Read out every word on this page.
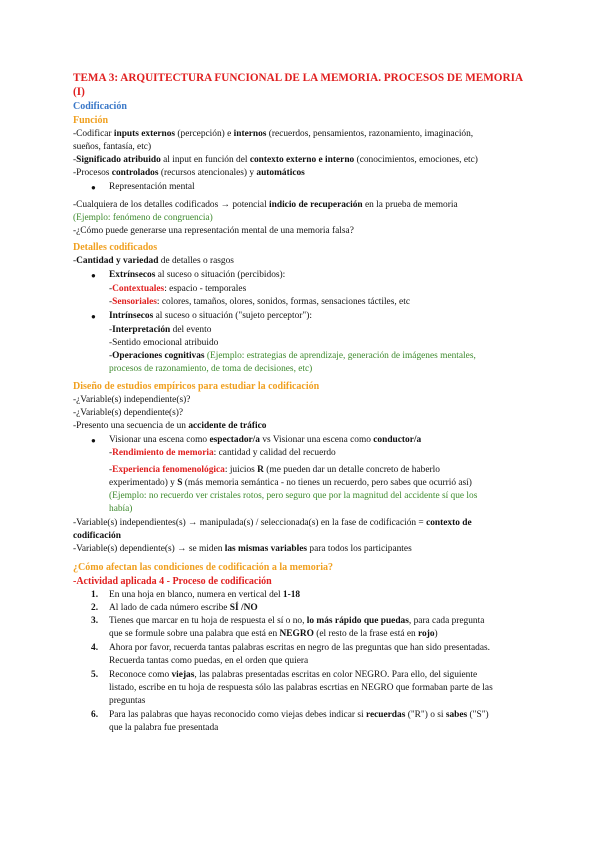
TEMA 3: ARQUITECTURA FUNCIONAL DE LA MEMORIA. PROCESOS DE MEMORIA
(I)
Codificación
Función
-Codificar inputs externos (percepción) e internos (recuerdos, pensamientos, razonamiento, imaginación,
sueños, fantasía, etc)
-Significado atribuido al input en función del contexto externo e interno (conocimientos, emociones, etc)
-Procesos controlados (recursos atencionales) y automáticos
● Representación mental
-Cualquiera de los detalles codificados → potencial indicio de recuperación en la prueba de memoria
(Ejemplo: fenómeno de congruencia)
-¿Cómo puede generarse una representación mental de una memoria falsa?
Detalles codificados
-Cantidad y variedad de detalles o rasgos
● Extrínsecos al suceso o situación (percibidos):
-Contextuales: espacio - temporales
-Sensoriales: colores, tamaños, olores, sonidos, formas, sensaciones táctiles, etc
● Intrínsecos al suceso o situación ("sujeto perceptor"):
-Interpretación del evento
-Sentido emocional atribuido
-Operaciones cognitivas (Ejemplo: estrategias de aprendizaje, generación de imágenes mentales,
procesos de razonamiento, de toma de decisiones, etc)
Diseño de estudios empíricos para estudiar la codificación
-¿Variable(s) independiente(s)?
-¿Variable(s) dependiente(s)?
-Presento una secuencia de un accidente de tráfico
● Visionar una escena como espectador/a vs Visionar una escena como conductor/a
-Rendimiento de memoria: cantidad y calidad del recuerdo
-Experiencia fenomenológica: juicios R (me pueden dar un detalle concreto de haberlo
experimentado) y S (más memoria semántica - no tienes un recuerdo, pero sabes que ocurrió así)
(Ejemplo: no recuerdo ver cristales rotos, pero seguro que por la magnitud del accidente sí que los
había)
-Variable(s) independientes(s) → manipulada(s) / seleccionada(s) en la fase de codificación = contexto de
codificación
-Variable(s) dependiente(s) → se miden las mismas variables para todos los participantes
¿Cómo afectan las condiciones de codificación a la memoria?
-Actividad aplicada 4 - Proceso de codificación
1. En una hoja en blanco, numera en vertical del 1-18
2. Al lado de cada número escribe SÍ /NO
3. Tienes que marcar en tu hoja de respuesta el sí o no, lo más rápido que puedas, para cada pregunta
que se formule sobre una palabra que está en NEGRO (el resto de la frase está en rojo)
4. Ahora por favor, recuerda tantas palabras escritas en negro de las preguntas que han sido presentadas.
Recuerda tantas como puedas, en el orden que quiera
5. Reconoce como viejas, las palabras presentadas escritas en color NEGRO. Para ello, del siguiente
listado, escribe en tu hoja de respuesta sólo las palabras escrtias en NEGRO que formaban parte de las
preguntas
6. Para las palabras que hayas reconocido como viejas debes indicar si recuerdas ("R") o si sabes ("S")
que la palabra fue presentada
